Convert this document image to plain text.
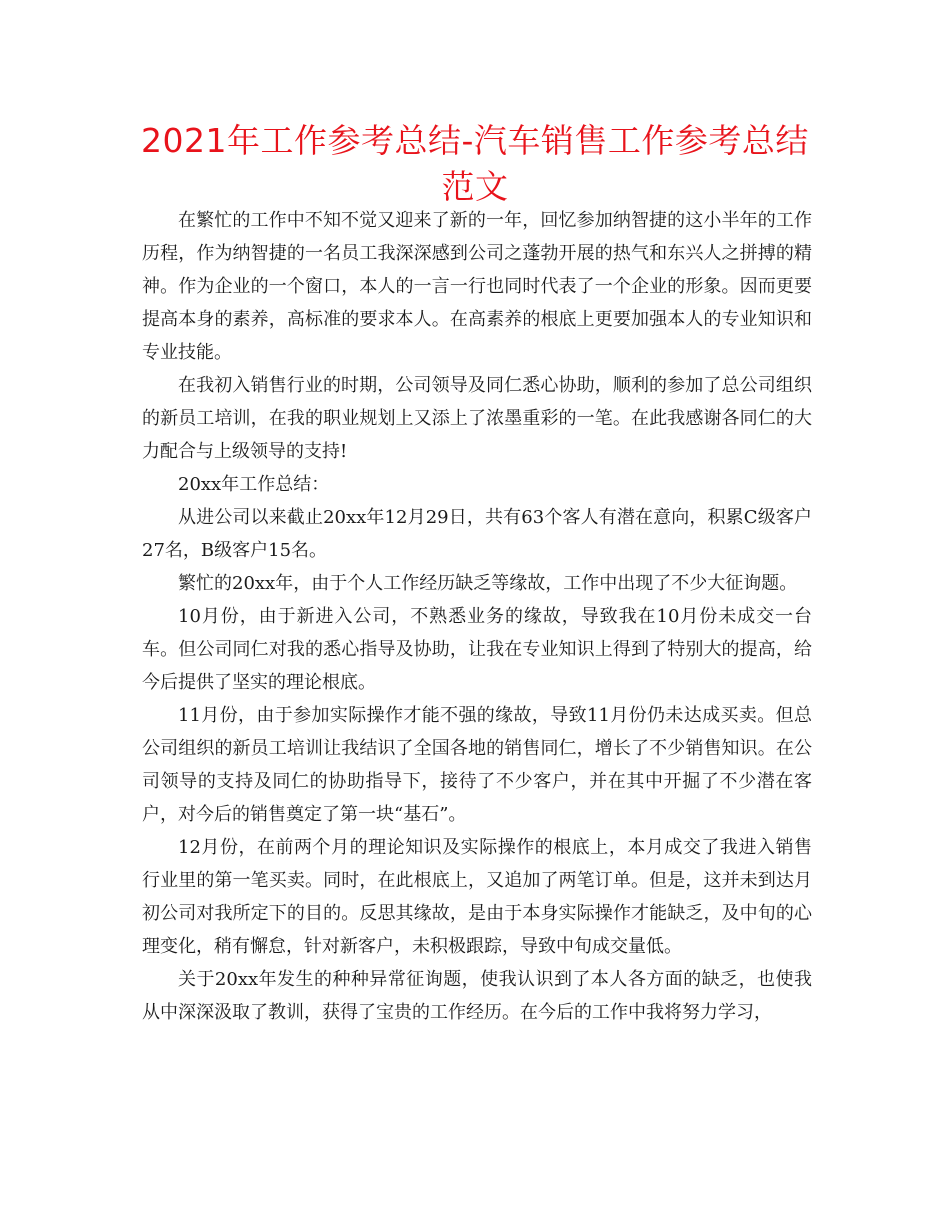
2021年工作参考总结-汽车销售工作参考总结范文

在繁忙的工作中不知不觉又迎来了新的一年，回忆参加纳智捷的这小半年的工作历程，作为纳智捷的一名员工我深深感到公司之蓬勃开展的热气和东兴人之拼搏的精神。作为企业的一个窗口，本人的一言一行也同时代表了一个企业的形象。因而更要提高本身的素养，高标准的要求本人。在高素养的根底上更要加强本人的专业知识和专业技能。

在我初入销售行业的时期，公司领导及同仁悉心协助，顺利的参加了总公司组织的新员工培训，在我的职业规划上又添上了浓墨重彩的一笔。在此我感谢各同仁的大力配合与上级领导的支持!

20xx年工作总结：

从进公司以来截止20xx年12月29日，共有63个客人有潜在意向，积累C级客户27名，B级客户15名。

繁忙的20xx年，由于个人工作经历缺乏等缘故，工作中出现了不少大征询题。

10月份，由于新进入公司，不熟悉业务的缘故，导致我在10月份未成交一台车。但公司同仁对我的悉心指导及协助，让我在专业知识上得到了特别大的提高，给今后提供了坚实的理论根底。

11月份，由于参加实际操作才能不强的缘故，导致11月份仍未达成买卖。但总公司组织的新员工培训让我结识了全国各地的销售同仁，增长了不少销售知识。在公司领导的支持及同仁的协助指导下，接待了不少客户，并在其中开掘了不少潜在客户，对今后的销售奠定了第一块“基石”。

12月份，在前两个月的理论知识及实际操作的根底上，本月成交了我进入销售行业里的第一笔买卖。同时，在此根底上，又追加了两笔订单。但是，这并未到达月初公司对我所定下的目的。反思其缘故，是由于本身实际操作才能缺乏，及中旬的心理变化，稍有懈怠，针对新客户，未积极跟踪，导致中旬成交量低。

关于20xx年发生的种种异常征询题，使我认识到了本人各方面的缺乏，也使我从中深深汲取了教训，获得了宝贵的工作经历。在今后的工作中我将努力学习，
